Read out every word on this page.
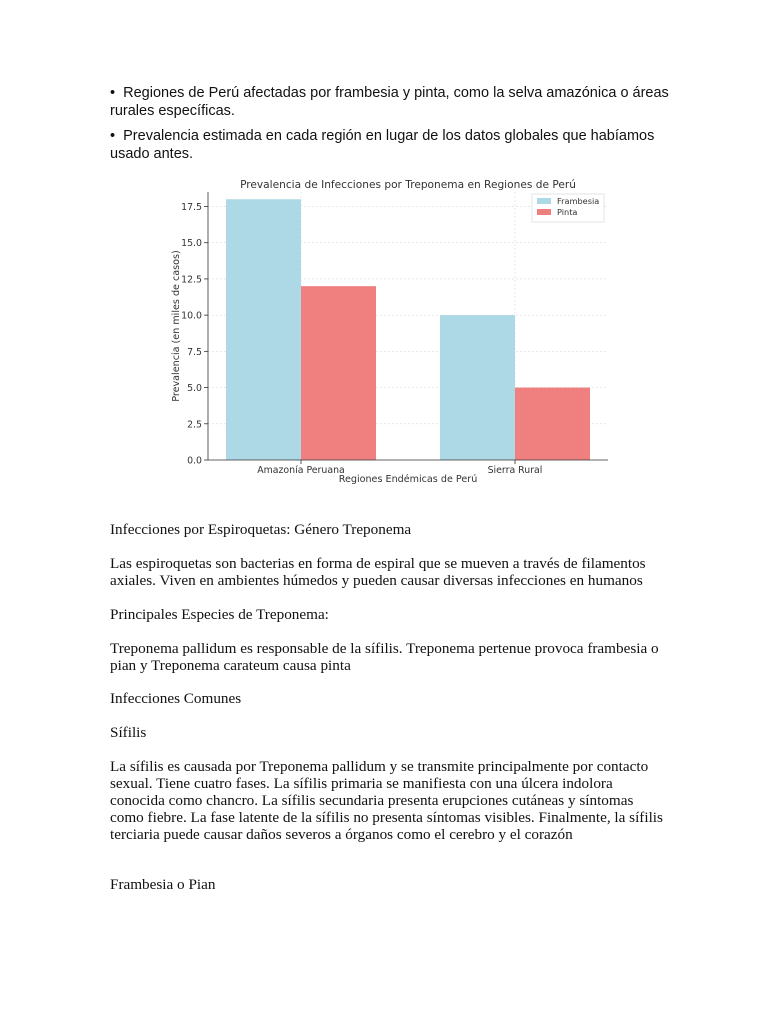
• Regiones de Perú afectadas por frambesia y pinta, como la selva amazónica o áreas rurales específicas.

• Prevalencia estimada en cada región en lugar de los datos globales que habíamos usado antes.

Prevalencia de Infecciones por Treponema en Regiones de Perú
0.0
2.5
5.0
7.5
10.0
12.5
15.0
17.5
Amazonía Peruana	Sierra Rural
Regiones Endémicas de Perú
Prevalencia (en miles de casos)
Frambesia
Pinta

Infecciones por Espiroquetas: Género Treponema

Las espiroquetas son bacterias en forma de espiral que se mueven a través de filamentos axiales. Viven en ambientes húmedos y pueden causar diversas infecciones en humanos

Principales Especies de Treponema:

Treponema pallidum es responsable de la sífilis. Treponema pertenue provoca frambesia o pian y Treponema carateum causa pinta

Infecciones Comunes

Sífilis

La sífilis es causada por Treponema pallidum y se transmite principalmente por contacto sexual. Tiene cuatro fases. La sífilis primaria se manifiesta con una úlcera indolora conocida como chancro. La sífilis secundaria presenta erupciones cutáneas y síntomas como fiebre. La fase latente de la sífilis no presenta síntomas visibles. Finalmente, la sífilis terciaria puede causar daños severos a órganos como el cerebro y el corazón

Frambesia o Pian
